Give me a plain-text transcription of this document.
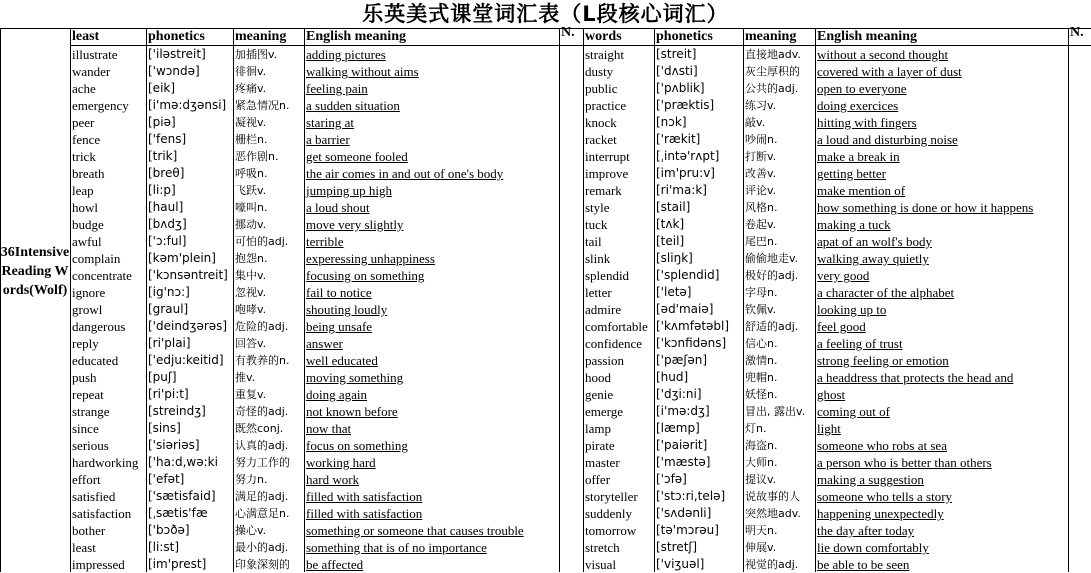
乐英美式课堂词汇表（L段核心词汇）
36Intensive Reading Words(Wolf)
least	phonetics	meaning	English meaning	N. words	phonetics	meaning	English meaning	N.
illustrate	['iləstreit]	加插图v.	adding pictures	straight	[streit]	直接地adv.	without a second thought
wander	['wɔndə]	徘徊v.	walking without aims	dusty	['dʌsti]	灰尘厚积的	covered with a layer of dust
ache	[eik]	疼痛v.	feeling pain	public	['pʌblik]	公共的adj.	open to everyone
emergency	[i'mə:dʒənsi] 紧急情况n.	a sudden situation	practice	['præktis]	练习v.	doing exercices
peer	[piə]	凝视v.	staring at	knock	[nɔk]	敲v.	hitting with fingers
fence	['fens]	栅栏n.	a barrier	racket	['rækit]	吵闹n.	a loud and disturbing noise
trick	[trik]	恶作剧n.	get someone fooled	interrupt	[ˌintə'rʌpt]	打断v.	make a break in
breath	[breθ]	呼吸n.	the air comes in and out of one's body	improve	[im'pru:v]	改善v.	getting better
leap	[li:p]	飞跃v.	jumping up high	remark	[ri'ma:k]	评论v.	make mention of
howl	[haul]	嚎叫n.	a loud shout	style	[stail]	风格n.	how something is done or how it happens
budge	[bʌdʒ]	挪动v.	move very slightly	tuck	[tʌk]	卷起v.	making a tuck
awful	['ɔ:ful]	可怕的adj.	terrible	tail	[teil]	尾巴n.	apat of an wolf's body
complain	[kəm'plein]	抱怨n.	experessing unhappiness	slink	[sliŋk]	偷偷地走v.	walking away quietly
concentrate	['kɔnsəntreit] 集中v.	focusing on something	splendid	['splendid]	极好的adj.	very good
ignore	[ig'nɔ:]	忽视v.	fail to notice	letter	['letə]	字母n.	a character of the alphabet
growl	[graul]	咆哮v.	shouting loudly	admire	[əd'maiə]	钦佩v.	looking up to
dangerous	['deindʒərəs] 危险的adj.	being unsafe	comfortable ['kʌmfətəbl]	舒适的adj.	feel good
reply	[ri'plai]	回答v.	answer	confidence	['kɔnfidəns]	信心n.	a feeling of trust
educated	['edju:keitid]	有教养的n.	well educated	passion	['pæʃən]	激情n.	strong feeling or emotion
push	[puʃ]	推v.	moving something	hood	[hud]	兜帽n.	a headdress that protects the head and
repeat	[ri'pi:t]	重复v.	doing again	genie	['dʒi:ni]	妖怪n.	ghost
strange	[streindʒ]	奇怪的adj.	not known before	emerge	[i'mə:dʒ]	冒出, 露出v. coming out of
since	[sins]	既然conj.	now that	lamp	[læmp]	灯n.	light
serious	['siəriəs]	认真的adj.	focus on something	pirate	['paiərit]	海盗n.	someone who robs at sea
hardworking ['ha:d,wə:ki	努力工作的	working hard	master	['mæstə]	大师n.	a person who is better than others
effort	['efət]	努力n.	hard work	offer	['ɔfə]	提议v.	making a suggestion
satisfied	['sætisfaid]	满足的adj.	filled with satisfaction	storyteller	['stɔ:ri,telə]	说故事的人	someone who tells a story
satisfaction	[ˌsætis'fæ	心满意足n.	filled with satisfaction	suddenly	['sʌdənli]	突然地adv.	happening unexpectedly
bother	['bɔðə]	操心v.	something or someone that causes trouble	tomorrow	[tə'mɔrəu]	明天n.	the day after today
least	[li:st]	最小的adj.	something that is of no importance	stretch	[stretʃ]	伸展v.	lie down comfortably
impressed	[im'prest]	印象深刻的	be affected	visual	['viʒuəl]	视觉的adj.	be able to be seen
